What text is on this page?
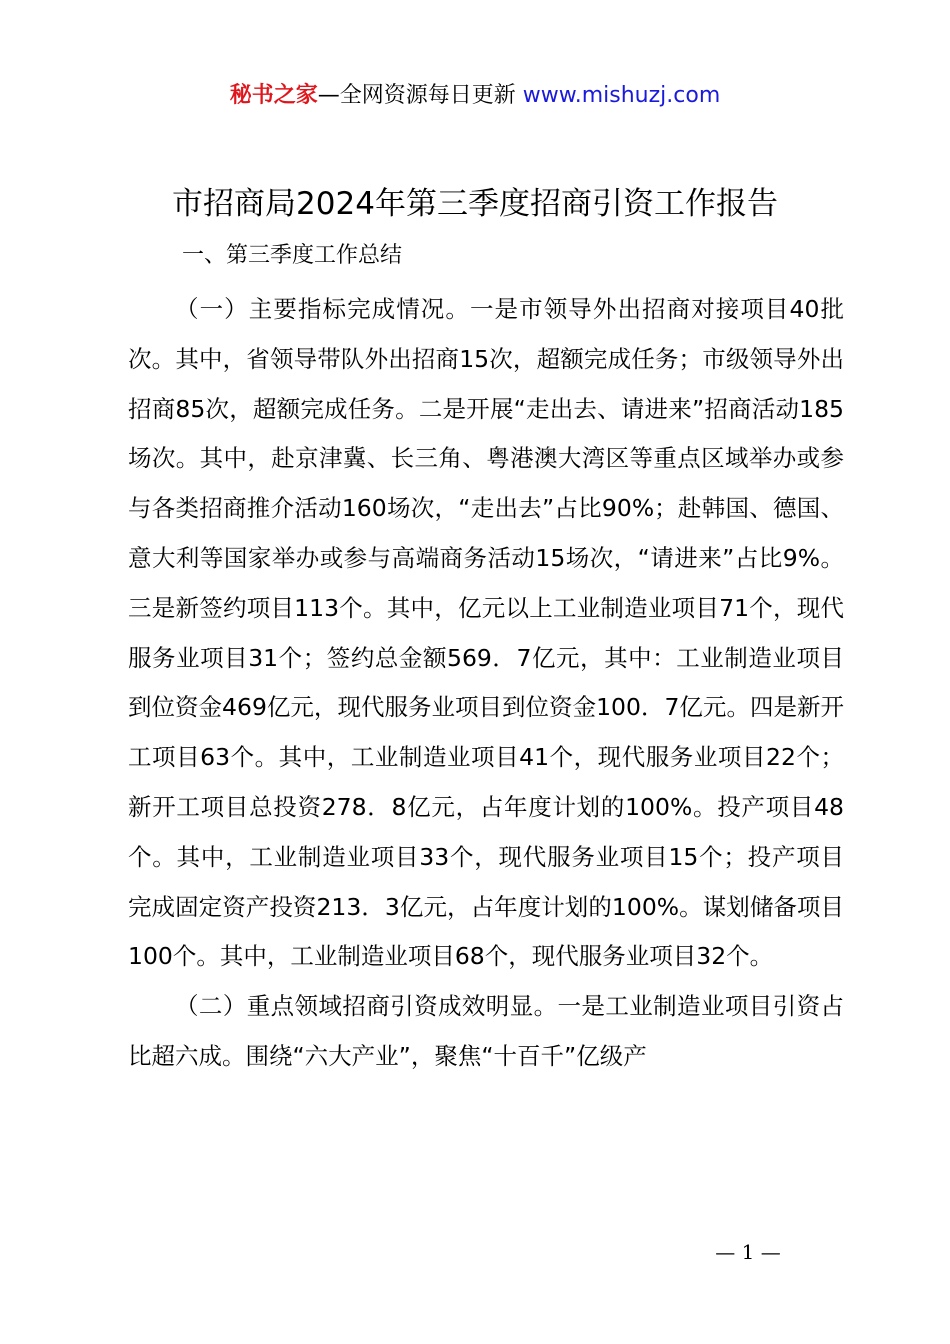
秘书之家—全网资源每日更新 www.mishuzj.com
市招商局2024年第三季度招商引资工作报告
一、第三季度工作总结

（一）主要指标完成情况。一是市领导外出招商对接项目40批次。其中，省领导带队外出招商15次，超额完成任务；市级领导外出招商85次，超额完成任务。二是开展“走出去、请进来”招商活动185场次。其中，赴京津冀、长三角、粤港澳大湾区等重点区域举办或参与各类招商推介活动160场次，“走出去”占比90%；赴韩国、德国、意大利等国家举办或参与高端商务活动15场次，“请进来”占比9%。三是新签约项目113个。其中，亿元以上工业制造业项目71个，现代服务业项目31个；签约总金额569．7亿元，其中：工业制造业项目到位资金469亿元，现代服务业项目到位资金100．7亿元。四是新开工项目63个。其中，工业制造业项目41个，现代服务业项目22个；新开工项目总投资278．8亿元，占年度计划的100%。投产项目48个。其中，工业制造业项目33个，现代服务业项目15个；投产项目完成固定资产投资213．3亿元，占年度计划的100%。谋划储备项目100个。其中，工业制造业项目68个，现代服务业项目32个。

（二）重点领域招商引资成效明显。一是工业制造业项目引资占比超六成。围绕“六大产业”，聚焦“十百千”亿级产

— 1 —
